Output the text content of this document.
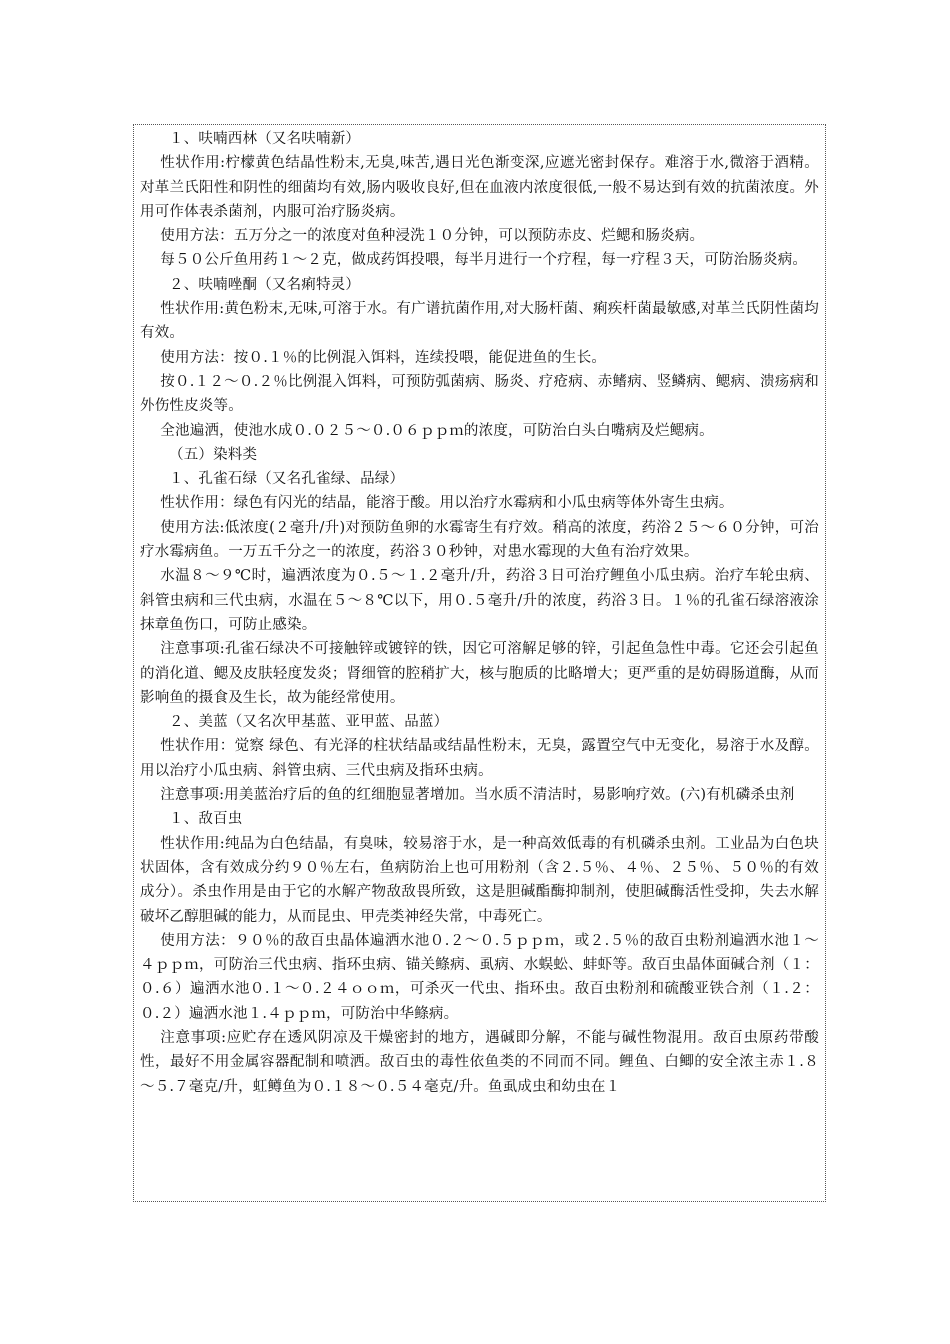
１、呋喃西林（又名呋喃新）

性状作用:柠檬黄色结晶性粉末,无臭,味苦,遇日光色渐变深,应遮光密封保存。难溶于水,微溶于酒精。对革兰氏阳性和阴性的细菌均有效,肠内吸收良好,但在血液内浓度很低,一般不易达到有效的抗菌浓度。外用可作体表杀菌剂，内服可治疗肠炎病。

使用方法：五万分之一的浓度对鱼种浸洗１０分钟，可以预防赤皮、烂鳃和肠炎病。

每５０公斤鱼用药１～２克，做成药饵投喂，每半月进行一个疗程，每一疗程３天，可防治肠炎病。

２、呋喃唑酮（又名痢特灵）

性状作用:黄色粉末,无味,可溶于水。有广谱抗菌作用,对大肠杆菌、痢疾杆菌最敏感,对革兰氏阴性菌均有效。

使用方法：按０.１％的比例混入饵料，连续投喂，能促进鱼的生长。

按０.１２～０.２％比例混入饵料，可预防弧菌病、肠炎、疗疮病、赤鳍病、竖鳞病、鳃病、溃疡病和外伤性皮炎等。

全池遍洒，使池水成０.０２５～０.０６ｐｐｍ的浓度，可防治白头白嘴病及烂鳃病。

（五）染料类

１、孔雀石绿（又名孔雀绿、品绿）

性状作用：绿色有闪光的结晶，能溶于酸。用以治疗水霉病和小瓜虫病等体外寄生虫病。

使用方法:低浓度(２毫升/升)对预防鱼卵的水霉寄生有疗效。稍高的浓度，药浴２５～６０分钟，可治疗水霉病鱼。一万五千分之一的浓度，药浴３０秒钟，对患水霉现的大鱼有治疗效果。

水温８～９℃时，遍洒浓度为０.５～１.２毫升/升，药浴３日可治疗鲤鱼小瓜虫病。治疗车轮虫病、斜管虫病和三代虫病，水温在５～８℃以下，用０.５毫升/升的浓度，药浴３日。１％的孔雀石绿溶液涂抹章鱼伤口，可防止感染。

注意事项:孔雀石绿决不可接触锌或镀锌的铁，因它可溶解足够的锌，引起鱼急性中毒。它还会引起鱼的消化道、鳃及皮肤轻度发炎；肾细管的腔稍扩大，核与胞质的比略增大；更严重的是妨碍肠道酶，从而影响鱼的摄食及生长，故为能经常使用。

２、美蓝（又名次甲基蓝、亚甲蓝、品蓝）

性状作用：觉察 绿色、有光泽的柱状结晶或结晶性粉末，无臭，露置空气中无变化，易溶于水及醇。用以治疗小瓜虫病、斜管虫病、三代虫病及指环虫病。

注意事项:用美蓝治疗后的鱼的红细胞显著增加。当水质不清洁时，易影响疗效。(六)有机磷杀虫剂

１、敌百虫

性状作用:纯品为白色结晶，有臭味，较易溶于水，是一种高效低毒的有机磷杀虫剂。工业品为白色块状固体，含有效成分约９０％左右，鱼病防治上也可用粉剂（含２.５％、４％、２５％、５０％的有效成分）。杀虫作用是由于它的水解产物敌敌畏所致，这是胆碱酯酶抑制剂，使胆碱酶活性受抑，失去水解破坏乙醇胆碱的能力，从而昆虫、甲壳类神经失常，中毒死亡。

使用方法：９０％的敌百虫晶体遍洒水池０.２～０.５ｐｐｍ，或２.５％的敌百虫粉剂遍洒水池１～４ｐｐｍ，可防治三代虫病、指环虫病、锚关鲦病、虱病、水蜈蚣、蚌虾等。敌百虫晶体面碱合剂（１：０.６）遍洒水池０.１～０.２４ｏｏｍ，可杀灭一代虫、指环虫。敌百虫粉剂和硫酸亚铁合剂（１.２：０.２）遍洒水池１.４ｐｐｍ，可防治中华鲦病。

注意事项:应贮存在透风阴凉及干燥密封的地方，遇碱即分解，不能与碱性物混用。敌百虫原药带酸性，最好不用金属容器配制和喷洒。敌百虫的毒性依鱼类的不同而不同。鲤鱼、白鲫的安全浓主赤１.８～５.７毫克/升，虹鳟鱼为０.１８～０.５４毫克/升。鱼虱成虫和幼虫在１
